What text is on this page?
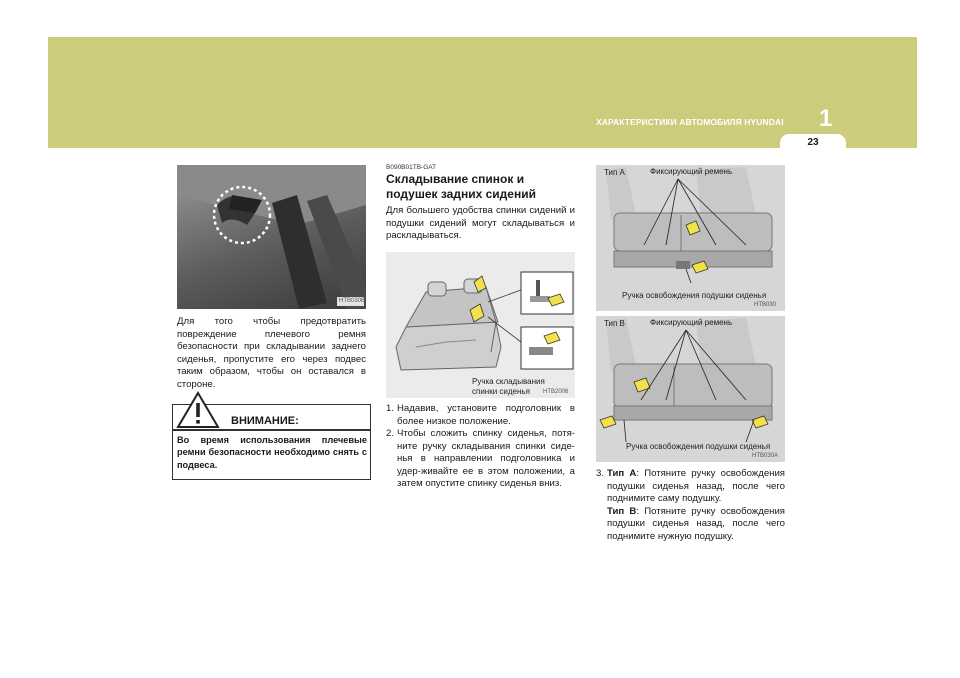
ХАРАКТЕРИСТИКИ АВТОМОБИЛЯ HYUNDAI 1
23
HTB030B
Для того чтобы предотвратить повреждение плечевого ремня безопасности при складывании заднего сиденья, пропустите его через подвес таким образом, чтобы он оставался в стороне.
ВНИМАНИЕ:
Во время использования плечевые ремни безопасности необходимо снять с подвеса.
B090B01TB-GAT
Складывание спинок и подушек задних сидений
Для большего удобства спинки сидений и подушки сидений могут складываться и раскладываться.
Ручка складывания
спинки сиденья HTB2006
1. Надавив, установите подголовник в более низкое положение.
2. Чтобы сложить спинку сиденья, потя-ните ручку складывания спинки сиде-нья в направлении подголовника и удер-живайте ее в этом положении, а затем опустите спинку сиденья вниз.
Тип А	Фиксирующий ремень
Ручка освобождения подушки сиденья
HTB030
Тип В	Фиксирующий ремень
Ручка освобождения подушки сиденья
HTB030A
3. Тип А: Потяните ручку освобождения подушки сиденья назад, после чего поднимите саму подушку.
Тип В: Потяните ручку освобождения подушки сиденья назад, после чего поднимите нужную подушку.
